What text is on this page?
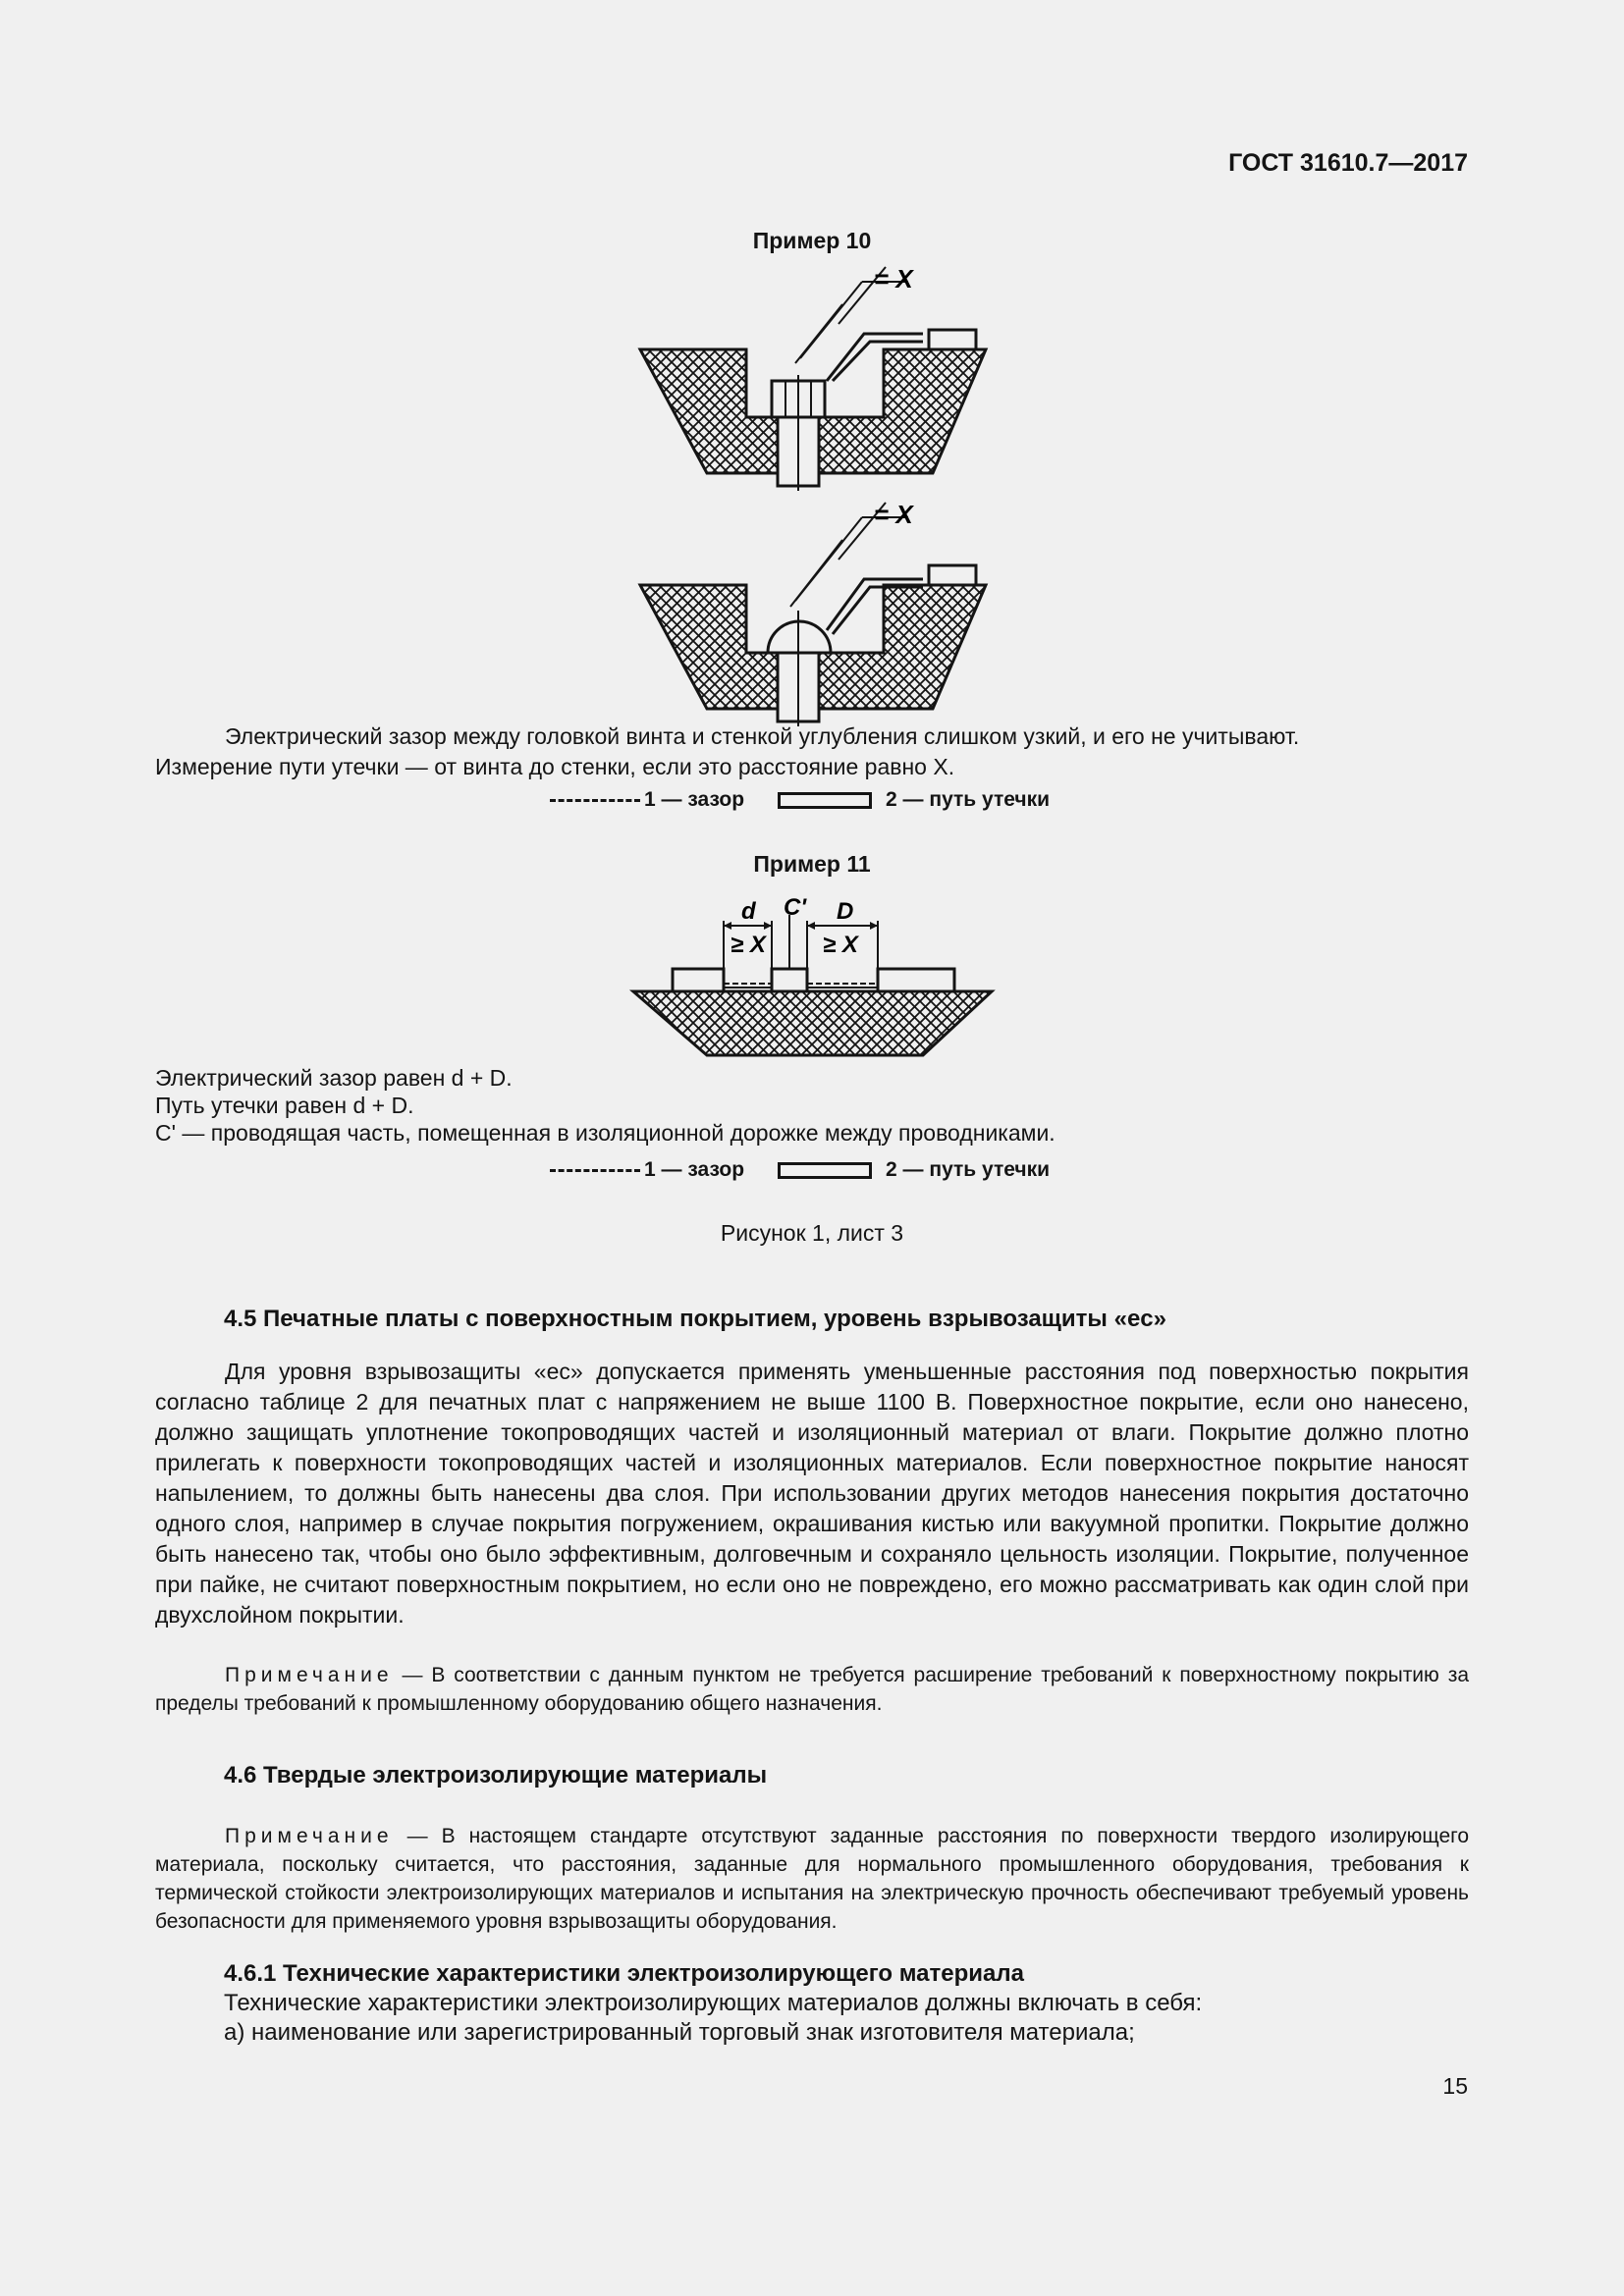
ГОСТ 31610.7—2017
Пример 10
= X
= X
Электрический зазор между головкой винта и стенкой углубления слишком узкий, и его не учитывают.
Измерение пути утечки — от винта до стенки, если это расстояние равно X.
1 — зазор	2 — путь утечки
Пример 11
d C' D
≥ X ≥ X
Электрический зазор равен d + D.
Путь утечки равен d + D.
C' — проводящая часть, помещенная в изоляционной дорожке между проводниками.
1 — зазор	2 — путь утечки
Рисунок 1, лист 3
4.5 Печатные платы с поверхностным покрытием, уровень взрывозащиты «ec»
Для уровня взрывозащиты «ec» допускается применять уменьшенные расстояния под поверхностью покрытия согласно таблице 2 для печатных плат с напряжением не выше 1100 В. Поверхностное покрытие, если оно нанесено, должно защищать уплотнение токопроводящих частей и изоляционный материал от влаги. Покрытие должно плотно прилегать к поверхности токопроводящих частей и изоляционных материалов. Если поверхностное покрытие наносят напылением, то должны быть нанесены два слоя. При использовании других методов нанесения покрытия достаточно одного слоя, например в случае покрытия погружением, окрашивания кистью или вакуумной пропитки. Покрытие должно быть нанесено так, чтобы оно было эффективным, долговечным и сохраняло цельность изоляции. Покрытие, полученное при пайке, не считают поверхностным покрытием, но если оно не повреждено, его можно рассматривать как один слой при двухслойном покрытии.
Примечание — В соответствии с данным пунктом не требуется расширение требований к поверхностному покрытию за пределы требований к промышленному оборудованию общего назначения.
4.6 Твердые электроизолирующие материалы
Примечание — В настоящем стандарте отсутствуют заданные расстояния по поверхности твердого изолирующего материала, поскольку считается, что расстояния, заданные для нормального промышленного оборудования, требования к термической стойкости электроизолирующих материалов и испытания на электрическую прочность обеспечивают требуемый уровень безопасности для применяемого уровня взрывозащиты оборудования.
4.6.1 Технические характеристики электроизолирующего материала
Технические характеристики электроизолирующих материалов должны включать в себя:
а) наименование или зарегистрированный торговый знак изготовителя материала;
15
